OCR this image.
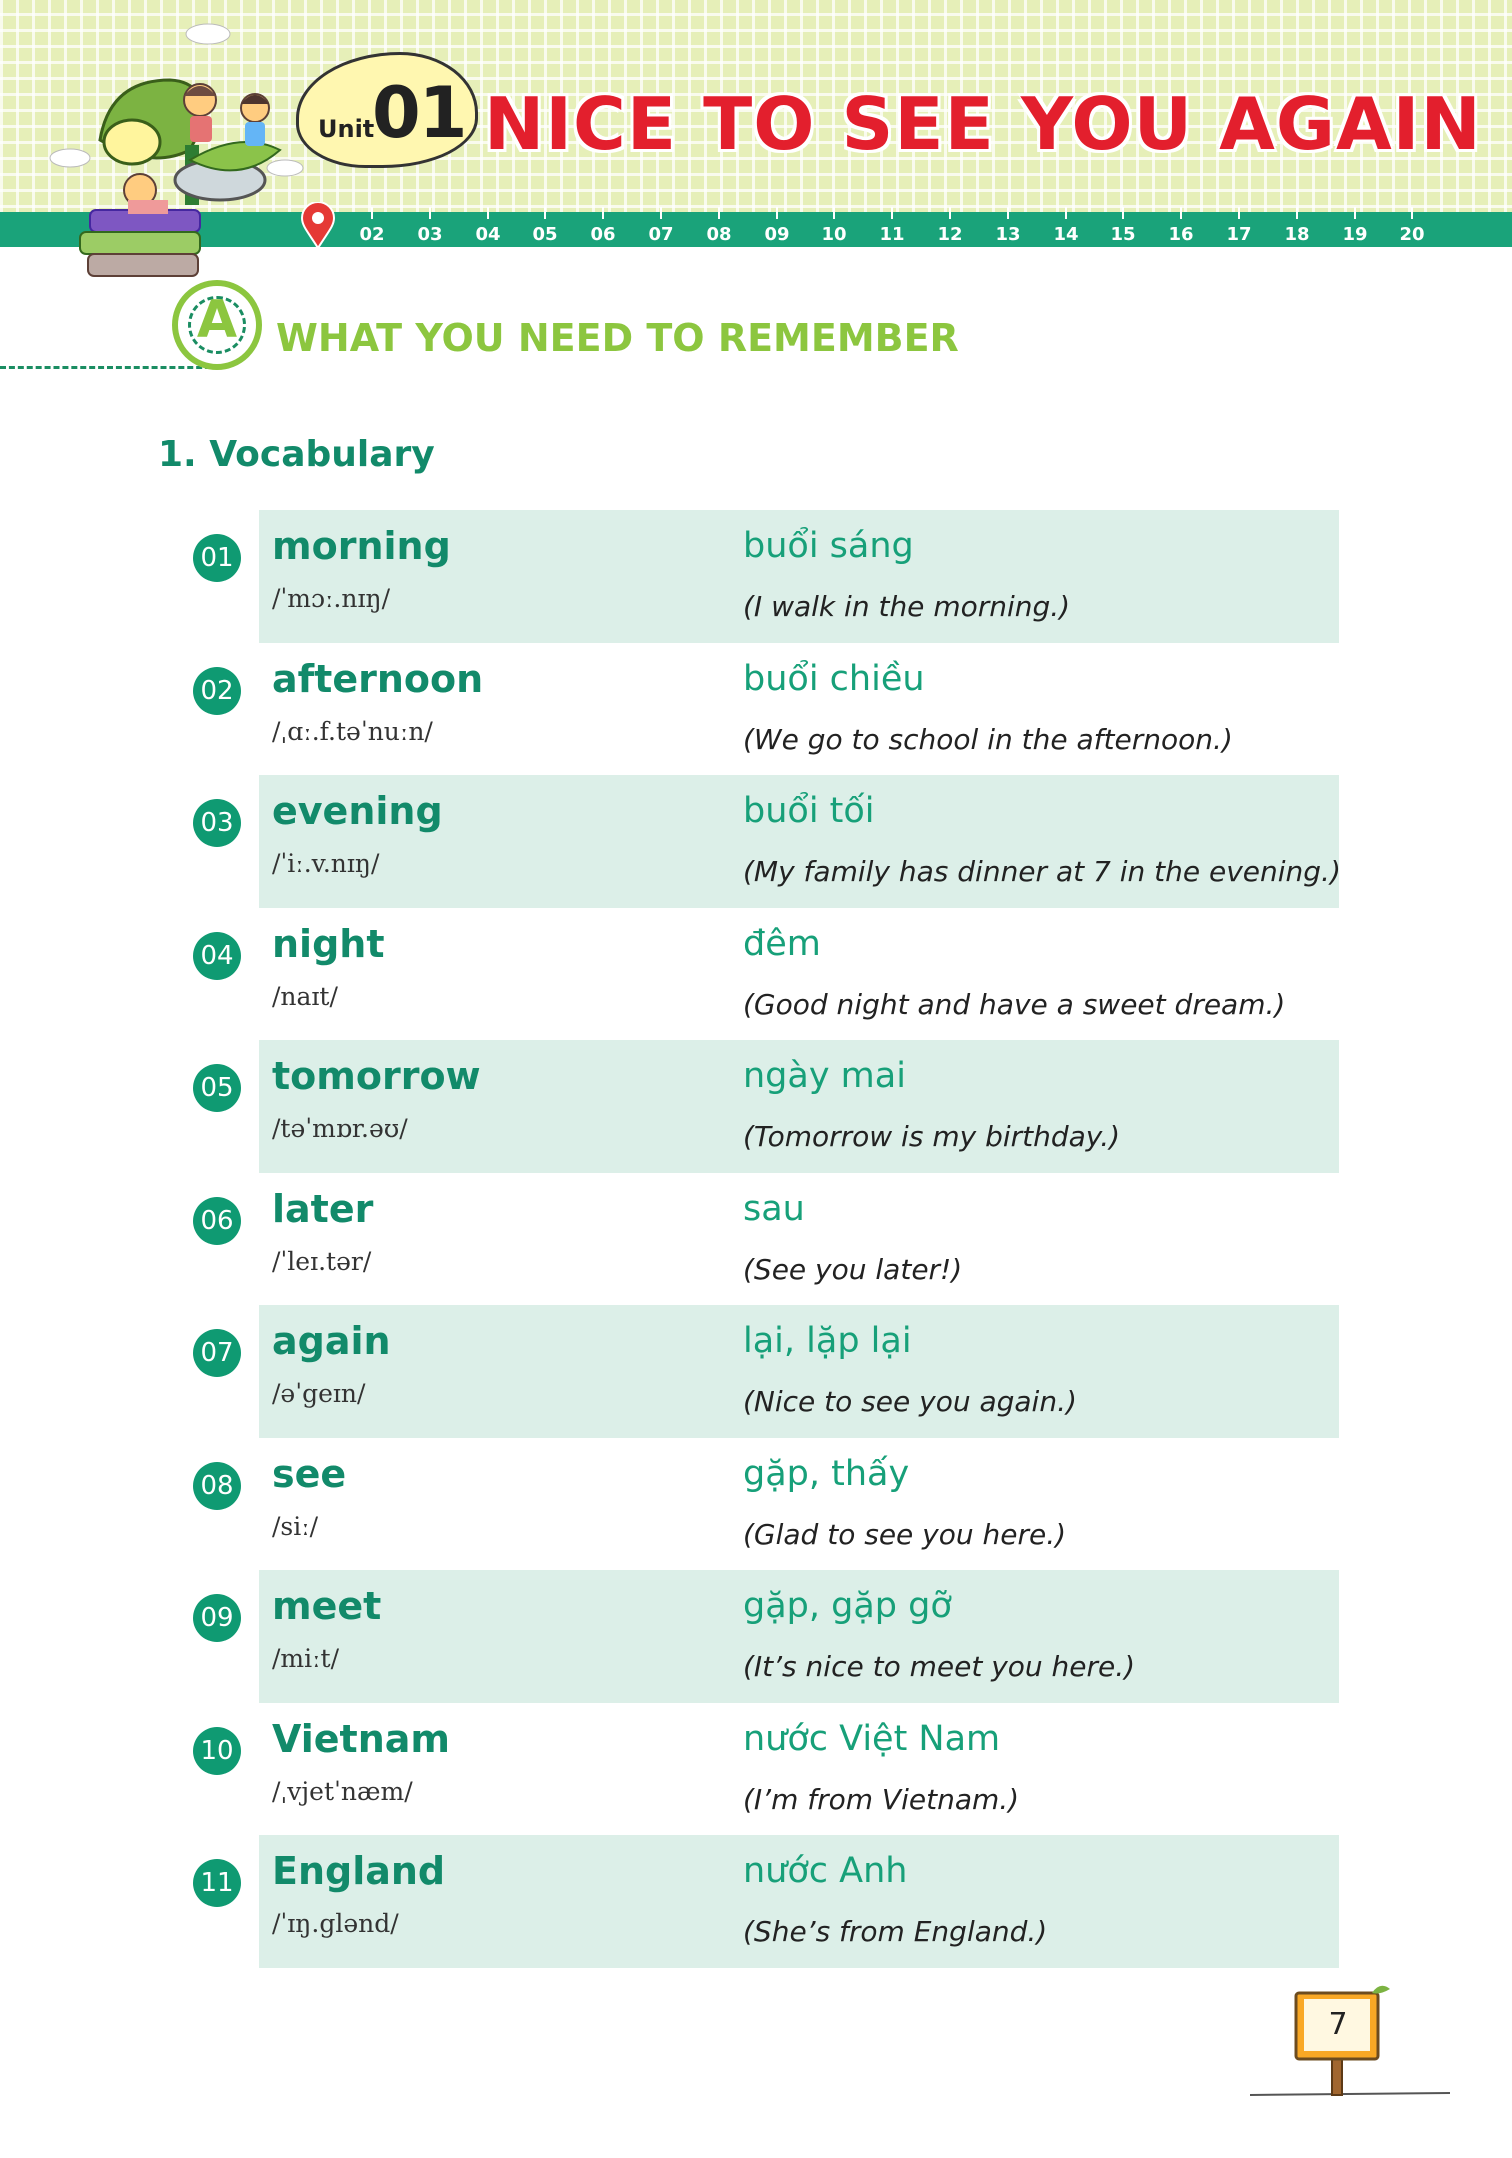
Unit
01 NICE TO SEE YOU AGAIN
02 03 04 05 06 07 08 09 10 11 12 13 14 15 16 17 18 19 20
A	WHAT YOU NEED TO REMEMBER
1. Vocabulary
01 morning
/ˈmɔː.nɪŋ/
buổi sáng
(I walk in the morning.)
02 afternoon
/ˌɑː.f.təˈnuːn/
buổi chiều
(We go to school in the afternoon.)
03 evening
/ˈiː.v.nɪŋ/
buổi tối
(My family has dinner at 7 in the evening.)
04 night
/naɪt/
đêm
(Good night and have a sweet dream.)
05 tomorrow
/təˈmɒr.əʊ/
ngày mai
(Tomorrow is my birthday.)
06 later
/ˈleɪ.tər/
sau
(See you later!)
07 again
/əˈgeɪn/
lại, lặp lại
(Nice to see you again.)
08 see
/siː/
gặp, thấy
(Glad to see you here.)
09 meet
/miːt/
gặp, gặp gỡ
(It’s nice to meet you here.)
10 Vietnam
/ˌvjetˈnæm/
nước Việt Nam
(I’m from Vietnam.)
11 England
/ˈɪŋ.glənd/
nước Anh
(She’s from England.)
7
